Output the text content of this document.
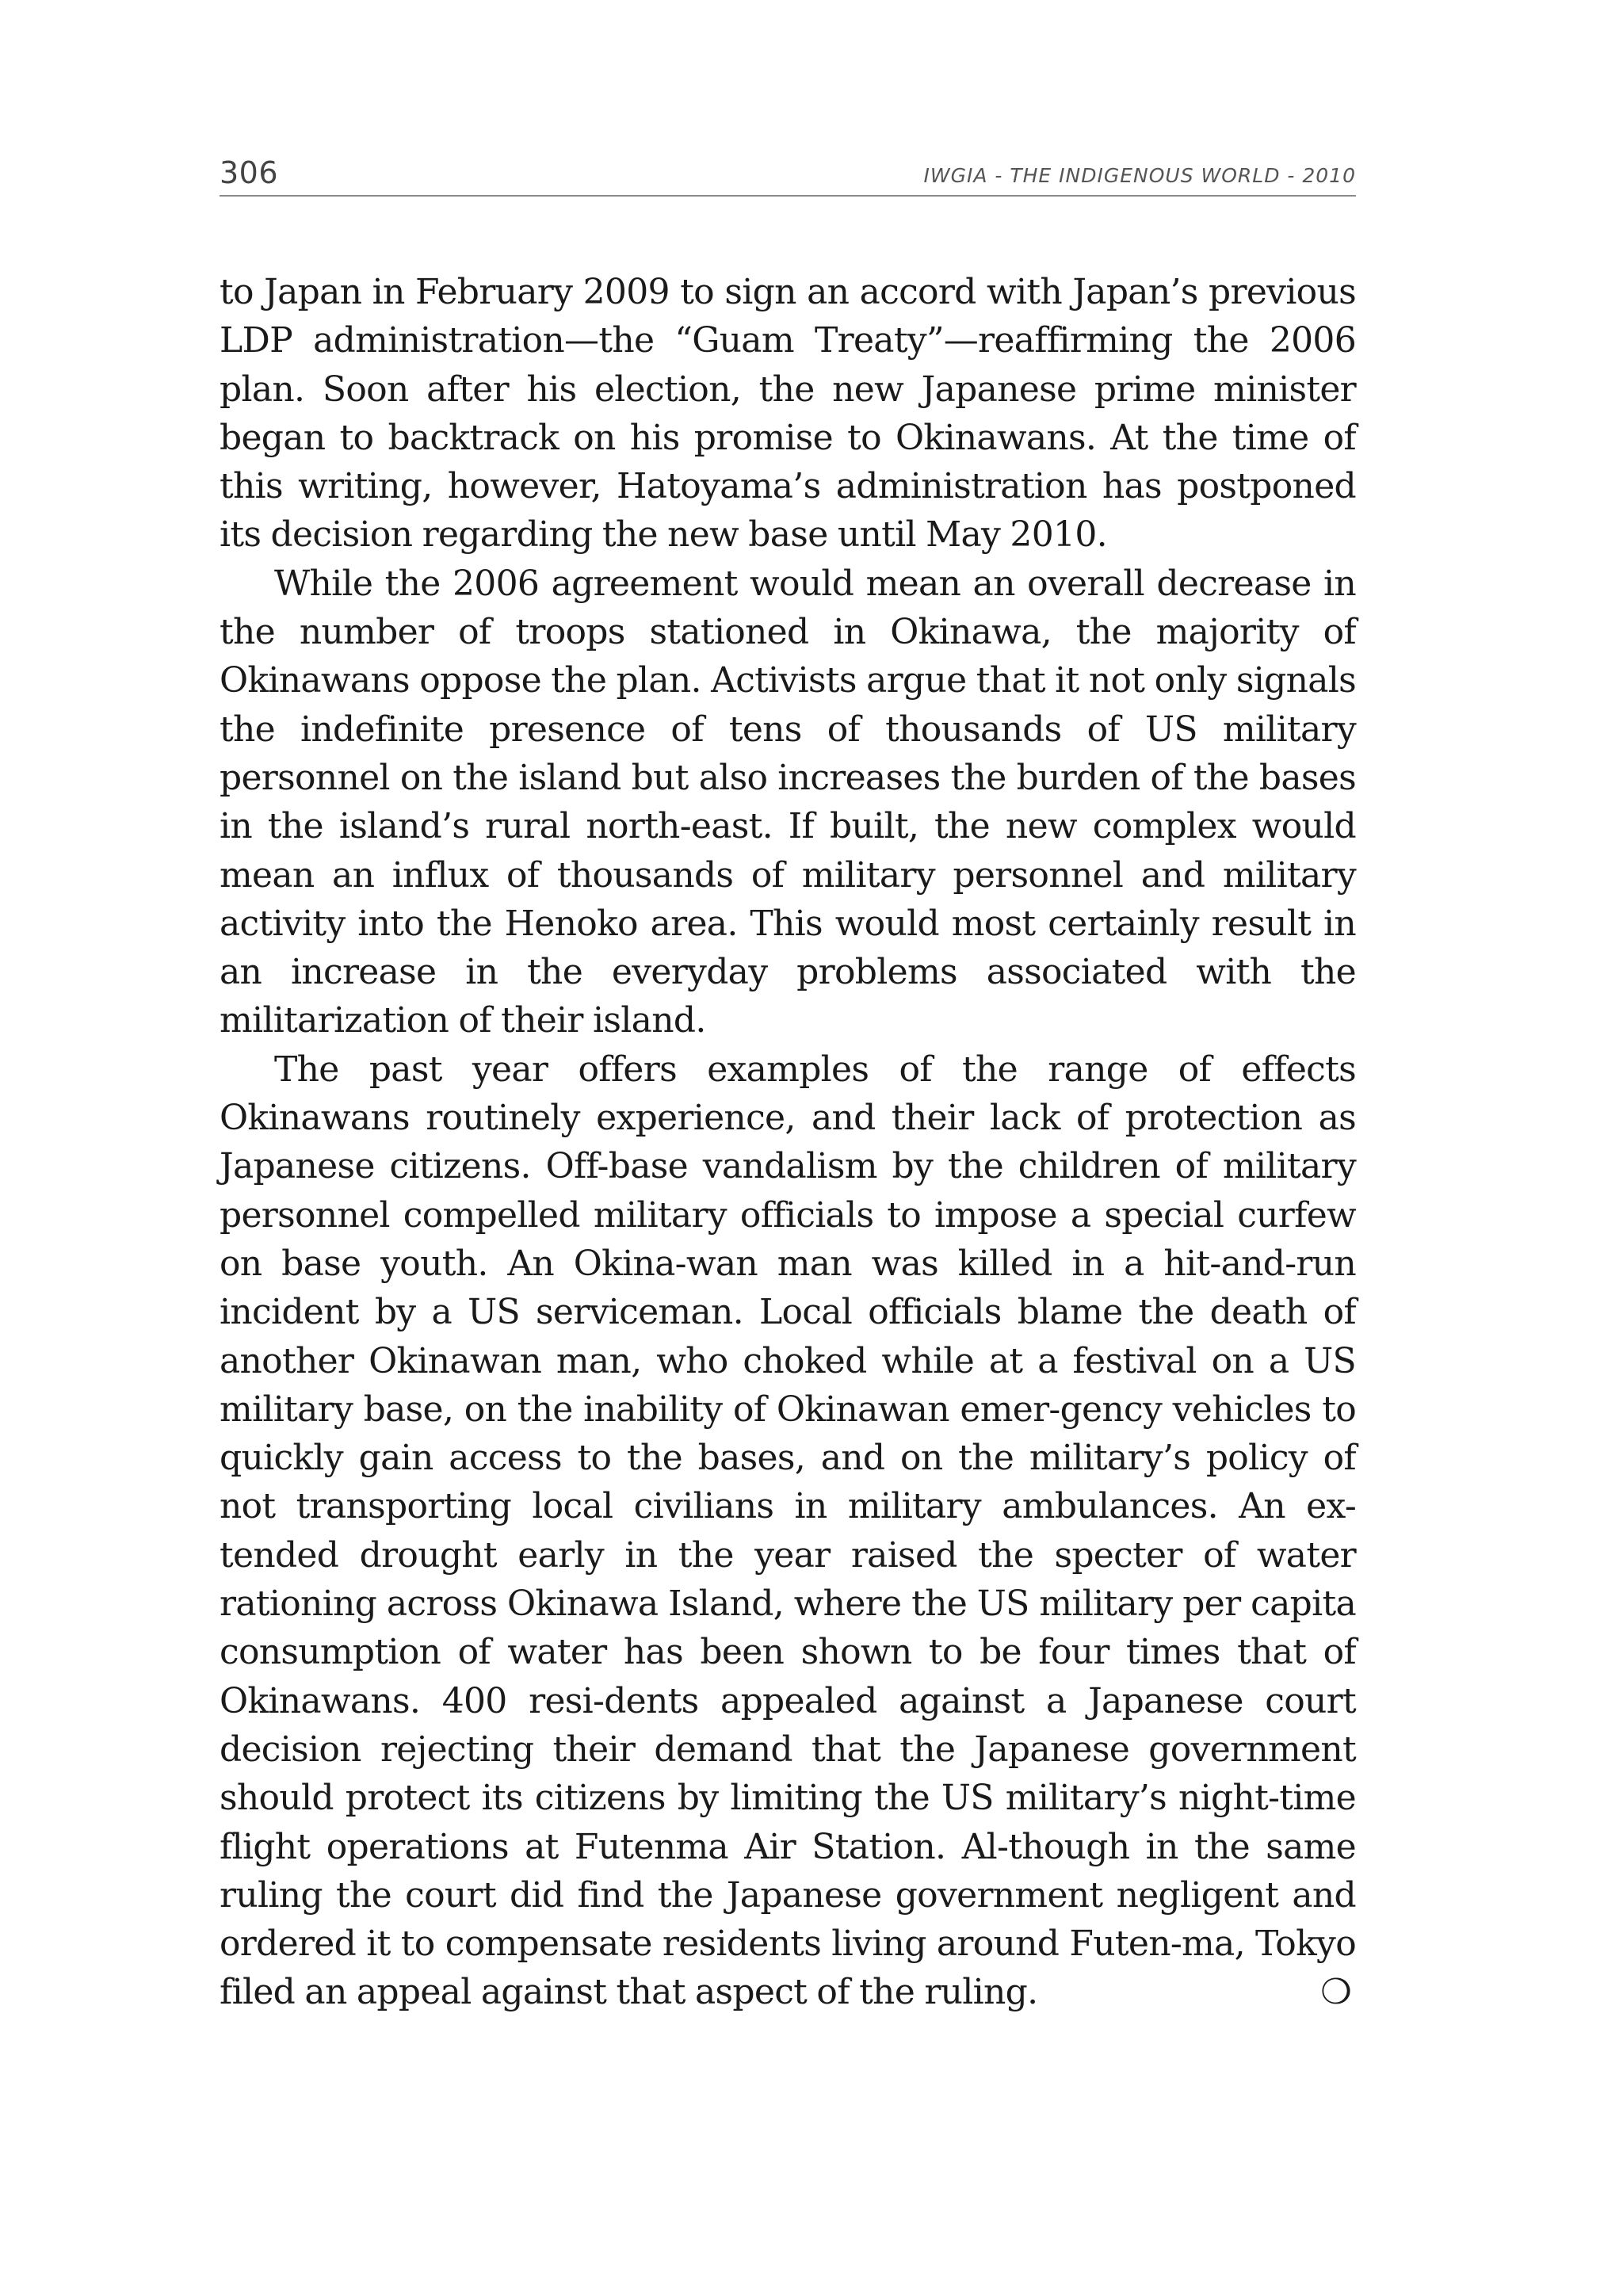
306	IWGIA - THE INDIGENOUS WORLD - 2010

to Japan in February 2009 to sign an accord with Japan’s previous LDP administration—the “Guam Treaty”—reaffirming the 2006 plan. Soon after his election, the new Japanese prime minister began to backtrack on his promise to Okinawans. At the time of this writing, however, Hatoyama’s administration has postponed its decision regarding the new base until May 2010.

While the 2006 agreement would mean an overall decrease in the number of troops stationed in Okinawa, the majority of Okinawans oppose the plan. Activists argue that it not only signals the indefinite presence of tens of thousands of US military personnel on the island but also increases the burden of the bases in the island’s rural north-east. If built, the new complex would mean an influx of thousands of military personnel and military activity into the Henoko area. This would most certainly result in an increase in the everyday problems associated with the militarization of their island.

The past year offers examples of the range of effects Okinawans routinely experience, and their lack of protection as Japanese citizens. Off-base vandalism by the children of military personnel compelled military officials to impose a special curfew on base youth. An Okina-wan man was killed in a hit-and-run incident by a US serviceman. Local officials blame the death of another Okinawan man, who choked while at a festival on a US military base, on the inability of Okinawan emer-gency vehicles to quickly gain access to the bases, and on the military’s policy of not transporting local civilians in military ambulances. An ex-tended drought early in the year raised the specter of water rationing across Okinawa Island, where the US military per capita consumption of water has been shown to be four times that of Okinawans. 400 resi-dents appealed against a Japanese court decision rejecting their demand that the Japanese government should protect its citizens by limiting the US military’s night-time flight operations at Futenma Air Station. Al-though in the same ruling the court did find the Japanese government negligent and ordered it to compensate residents living around Futen-ma, Tokyo filed an appeal against that aspect of the ruling.	❍
